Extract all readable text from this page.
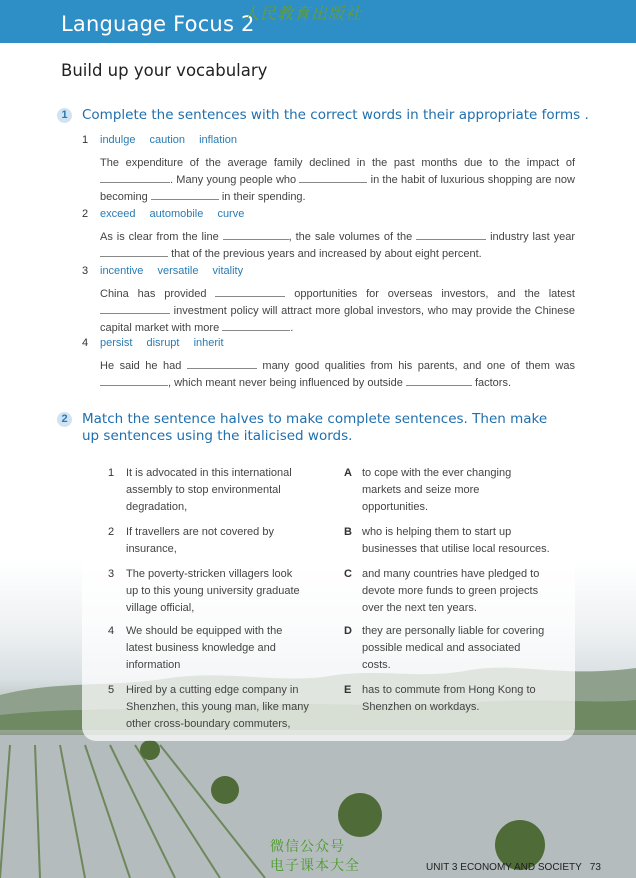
Language Focus 2
人民教育出版社
Build up your vocabulary
1	Complete the sentences with the correct words in their appropriate forms .
1 indulge caution inflation
The expenditure of the average family declined in the past months due to the impact of . Many young people who	in the habit of luxurious shopping are now becoming	in their spending.
2 exceed automobile curve
As is clear from the line	, the sale volumes of the	industry last year  that of the previous years and increased by about eight percent.
3 incentive versatile vitality
China has provided	opportunities for overseas investors, and the latest  investment policy will attract more global investors, who may provide the Chinese capital market with more	.
4 persist disrupt inherit
He said he had	many good qualities from his parents, and one of them was , which meant never being influenced by outside	factors.
2	Match the sentence halves to make complete sentences. Then make up sentences using the italicised words.
1 It is advocated in this international
assembly to stop environmental
degradation,
2 If travellers are not covered by
insurance,
3 The poverty-stricken villagers look
up to this young university graduate
village official,
4 We should be equipped with the
latest business knowledge and
information
5 Hired by a cutting edge company in
Shenzhen, this young man, like many
other cross-boundary commuters,
A to cope with the ever changing
markets and seize more
opportunities.
B who is helping them to start up
businesses that utilise local resources.
C and many countries have pledged to
devote more funds to green projects
over the next ten years.
D they are personally liable for covering
possible medical and associated
costs.
E has to commute from Hong Kong to
Shenzhen on workdays.
微信公众号
电子课本大全	UNIT 3 ECONOMY AND SOCIETY 73
